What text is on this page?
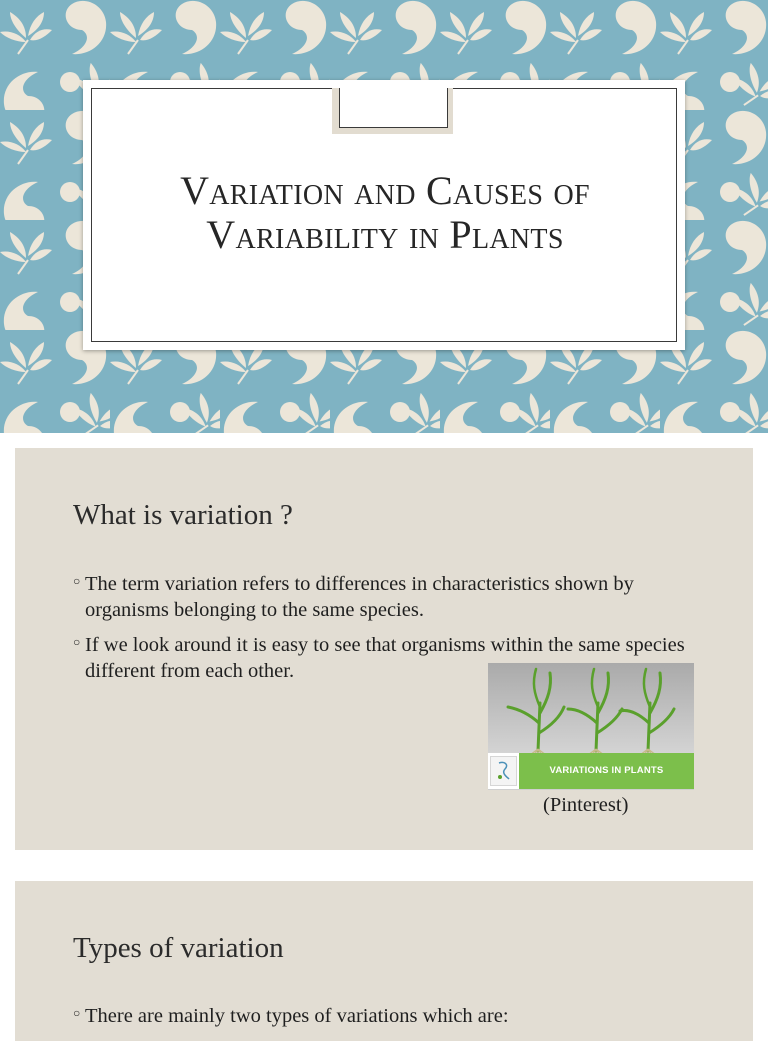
Variation and Causes of Variability in Plants
What is variation ?
○ The term variation refers to differences in characteristics shown by organisms belonging to the same species.
○ If we look around it is easy to see that organisms within the same species different from each other.
VARIATIONS IN PLANTS
(Pinterest)
Types of variation
○ There are mainly two types of variations which are:
